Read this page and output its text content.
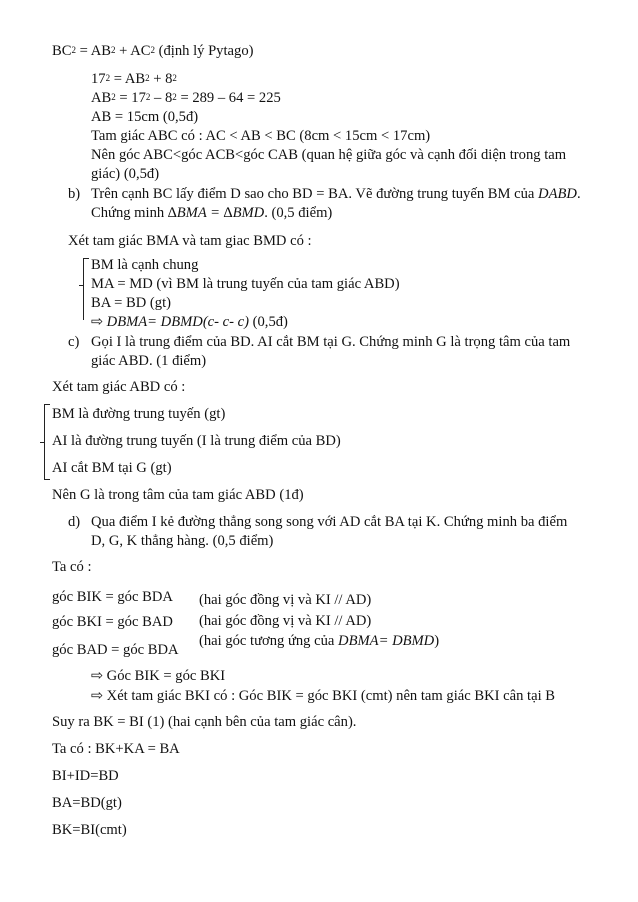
$BC^2 = AB^2 + AC^2$ (định lý Pytago)
$17^2 = AB^2 + 8^2$
$AB^2 = 17^2 - 8^2 = 289 - 64 = 225$
AB = 15cm (0,5đ)
Tam giác ABC có : AC < AB < BC (8cm < 15cm < 17cm)
Nên góc ABC<góc ACB<góc CAB (quan hệ giữa góc và cạnh đối diện trong tam
giác) (0,5đ)
b) Trên cạnh BC lấy điểm D sao cho BD = BA. Vẽ đường trung tuyến BM của DABD.
Chứng minh ∆BMA = ∆BMD. (0,5 điểm)
Xét tam giác BMA và tam giac BMD có :
BM là cạnh chung
MA = MD (vì BM là trung tuyến của tam giác ABD)
BA = BD (gt)
⇨ DBMA= DBMD(c- c- c) (0,5đ)
c) Gọi I là trung điểm của BD. AI cắt BM tại G. Chứng minh G là trọng tâm của tam
giác ABD. (1 điểm)
Xét tam giác ABD có :
BM là đường trung tuyến (gt)
AI là đường trung tuyến (I là trung điểm của BD)
AI cắt BM tại G (gt)
Nên G là trong tâm của tam giác ABD (1đ)
d) Qua điểm I kẻ đường thẳng song song với AD cắt BA tại K. Chứng minh ba điểm
D, G, K thẳng hàng. (0,5 điểm)
Ta có :
góc BIK = góc BDA (hai góc đồng vị và KI // AD)
góc BKI = góc BAD (hai góc đồng vị và KI // AD)
góc BAD = góc BDA
(hai góc tương ứng của DBMA= DBMD)
⇨ Góc BIK = góc BKI
⇨ Xét tam giác BKI có : Góc BIK = góc BKI (cmt) nên tam giác BKI cân tại B
Suy ra BK = BI (1) (hai cạnh bên của tam giác cân).
Ta có : BK+KA = BA
BI+ID=BD
BA=BD(gt)
BK=BI(cmt)
